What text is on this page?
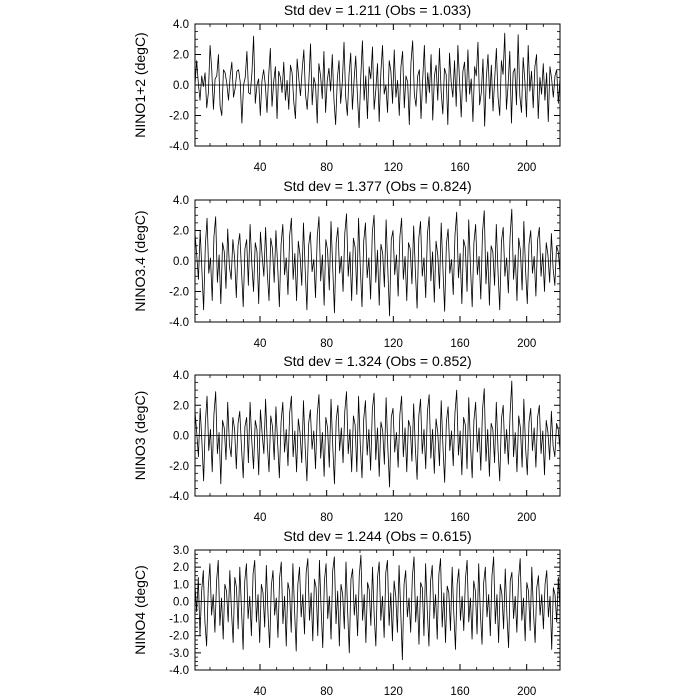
Std dev = 1.211 (Obs = 1.033)
NINO1+2 (degC)
-4.0
-2.0
0.0
2.0
4.0
40	80	120	160	200
Std dev = 1.377 (Obs = 0.824)
NINO3.4 (degC)
-4.0
-2.0
0.0
2.0
4.0
40	80	120	160	200
Std dev = 1.324 (Obs = 0.852)
NINO3 (degC)
-4.0
-2.0
0.0
2.0
4.0
40	80	120	160	200
Std dev = 1.244 (Obs = 0.615)
NINO4 (degC)
-4.0
-3.0
-2.0
-1.0
0.0
1.0
2.0
3.0
40	80	120	160	200
